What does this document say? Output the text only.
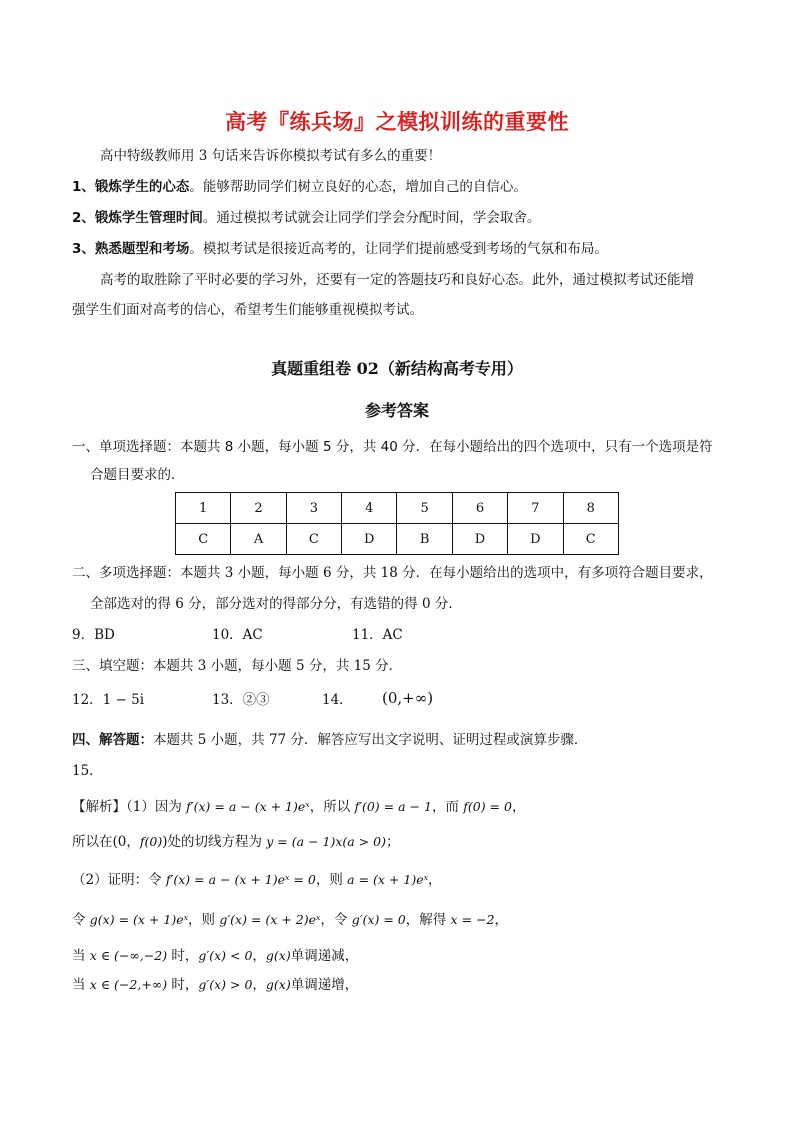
高考『练兵场』之模拟训练的重要性
高中特级教师用 3 句话来告诉你模拟考试有多么的重要！
1、锻炼学生的心态。能够帮助同学们树立良好的心态，增加自己的自信心。
2、锻炼学生管理时间。通过模拟考试就会让同学们学会分配时间，学会取舍。
3、熟悉题型和考场。模拟考试是很接近高考的，让同学们提前感受到考场的气氛和布局。
高考的取胜除了平时必要的学习外，还要有一定的答题技巧和良好心态。此外，通过模拟考试还能增
强学生们面对高考的信心，希望考生们能够重视模拟考试。
真题重组卷 02（新结构高考专用）
参考答案
一、单项选择题：本题共 8 小题，每小题 5 分，共 40 分．在每小题给出的四个选项中，只有一个选项是符
合题目要求的．
1	2	3	4	5	6	7	8
C	A	C	D	B	D	D	C
二、多项选择题：本题共 3 小题，每小题 6 分，共 18 分．在每小题给出的选项中，有多项符合题目要求，
全部选对的得 6 分，部分选对的得部分分，有选错的得 0 分．
9．BD	10．AC	11．AC
三、填空题：本题共 3 小题，每小题 5 分，共 15 分．
12．1 − 5i	13．②③	14． (0,+∞)
四、解答题：本题共 5 小题，共 77 分．解答应写出文字说明、证明过程或演算步骤．
15．
【解析】（1）因为 f′(x) = a − (x + 1)eˣ，所以 f′(0) = a − 1，而 f(0) = 0，
所以在(0，f(0))处的切线方程为 y = (a − 1)x(a > 0)；
（2）证明：令 f′(x) = a − (x + 1)eˣ = 0，则 a = (x + 1)eˣ，
令 g(x) = (x + 1)eˣ，则 g′(x) = (x + 2)eˣ，令 g′(x) = 0，解得 x = −2，
当 x ∈ (−∞,−2) 时，g′(x) < 0，g(x)单调递减，
当 x ∈ (−2,+∞) 时，g′(x) > 0，g(x)单调递增，
